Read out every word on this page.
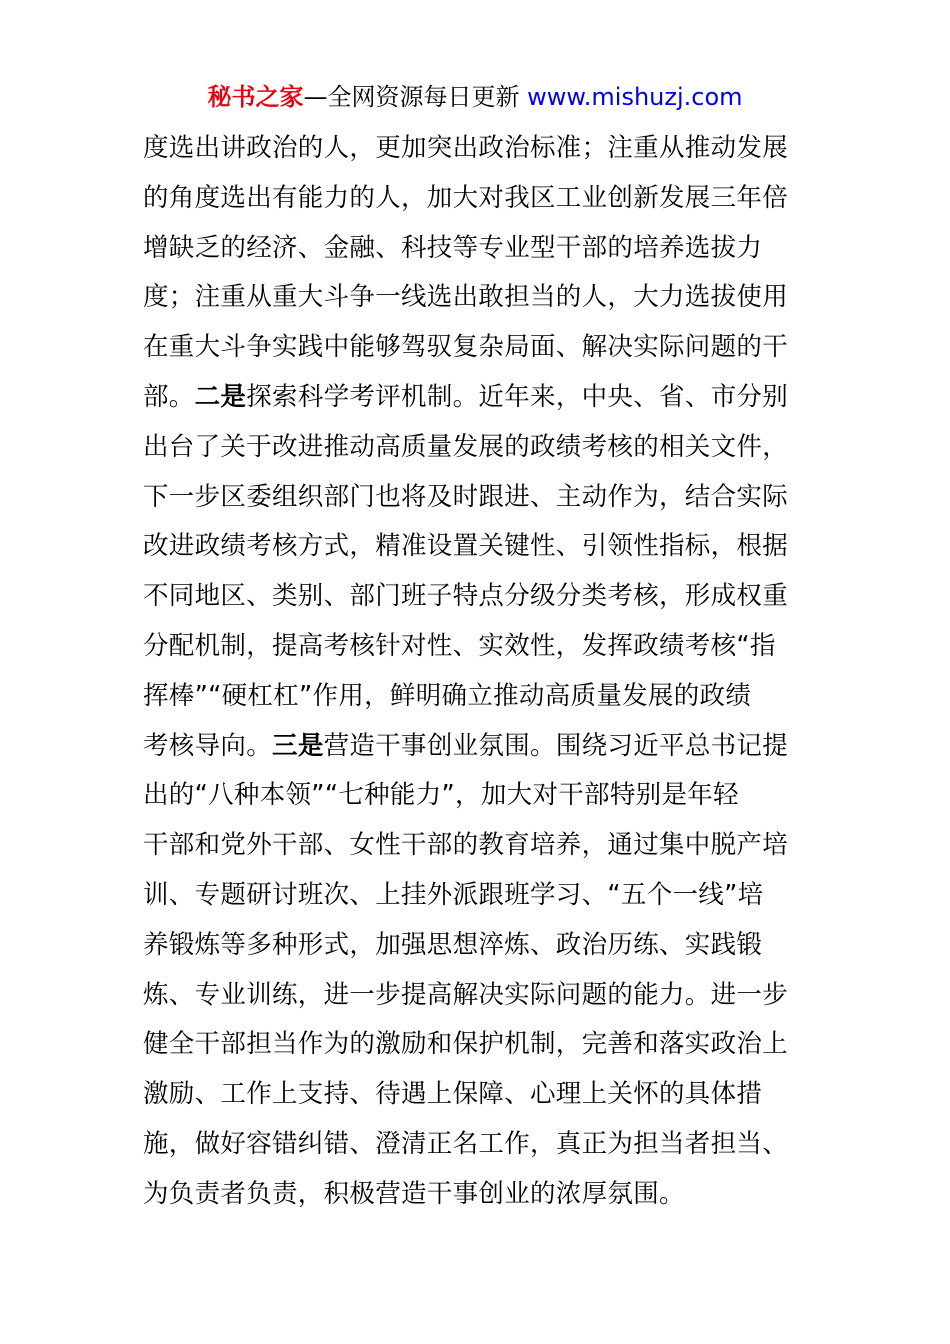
秘书之家—全网资源每日更新 www.mishuzj.com
度选出讲政治的人，更加突出政治标准；注重从推动发展
的角度选出有能力的人，加大对我区工业创新发展三年倍
增缺乏的经济、金融、科技等专业型干部的培养选拔力
度；注重从重大斗争一线选出敢担当的人，大力选拔使用
在重大斗争实践中能够驾驭复杂局面、解决实际问题的干
部。二是探索科学考评机制。近年来，中央、省、市分别
出台了关于改进推动高质量发展的政绩考核的相关文件，
下一步区委组织部门也将及时跟进、主动作为，结合实际
改进政绩考核方式，精准设置关键性、引领性指标，根据
不同地区、类别、部门班子特点分级分类考核，形成权重
分配机制，提高考核针对性、实效性，发挥政绩考核“指
挥棒”“硬杠杠”作用，鲜明确立推动高质量发展的政绩
考核导向。三是营造干事创业氛围。围绕习近平总书记提
出的“八种本领”“七种能力”，加大对干部特别是年轻
干部和党外干部、女性干部的教育培养，通过集中脱产培
训、专题研讨班次、上挂外派跟班学习、“五个一线”培
养锻炼等多种形式，加强思想淬炼、政治历练、实践锻
炼、专业训练，进一步提高解决实际问题的能力。进一步
健全干部担当作为的激励和保护机制，完善和落实政治上
激励、工作上支持、待遇上保障、心理上关怀的具体措
施，做好容错纠错、澄清正名工作，真正为担当者担当、
为负责者负责，积极营造干事创业的浓厚氛围。
